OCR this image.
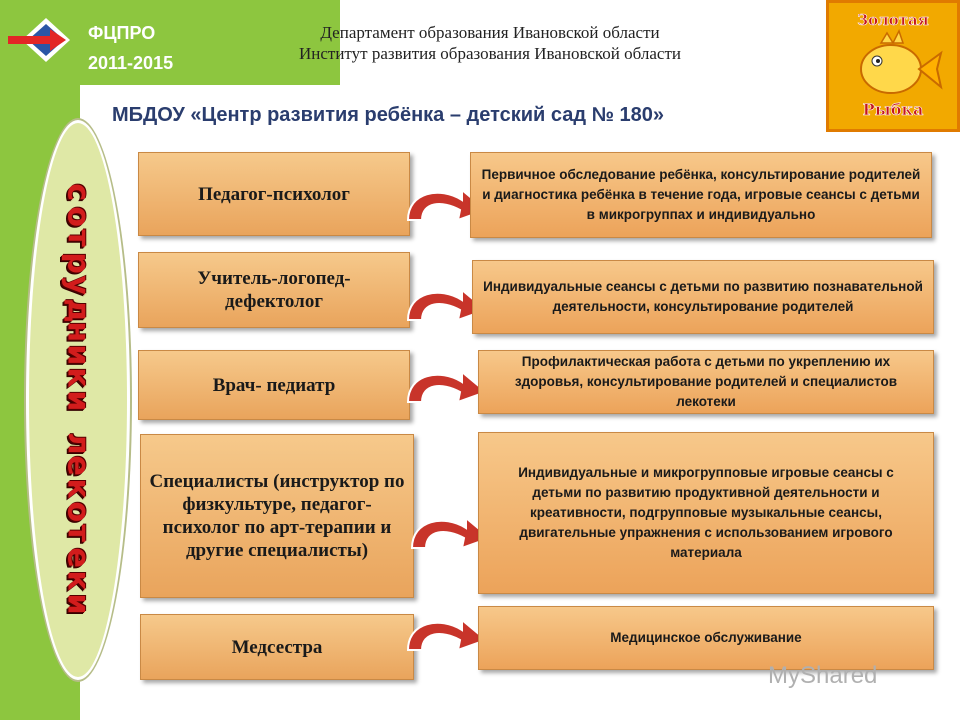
ФЦПРО
2011-2015
Департамент образования Ивановской области
Институт развития образования Ивановской области
МБДОУ «Центр развития ребёнка – детский сад № 180»
Золотая
Рыбка
с
о
т
р
у
д
н
и
к
и
л
е
к
о
т
е
к
и
Педагог-психолог
Учитель-логопед-дефектолог
Врач- педиатр
Специалисты (инструктор по физкультуре, педагог-психолог по арт-терапии и другие специалисты)
Медсестра
Первичное обследование ребёнка, консультирование родителей и диагностика ребёнка в течение года, игровые сеансы с детьми в микрогруппах и индивидуально
Индивидуальные сеансы с детьми по развитию познавательной деятельности, консультирование родителей
Профилактическая работа с детьми по укреплению их здоровья, консультирование родителей и специалистов лекотеки
Индивидуальные и микрогрупповые игровые сеансы с детьми по развитию продуктивной деятельности и креативности, подгрупповые музыкальные сеансы, двигательные упражнения с использованием игрового материала
Медицинское обслуживание
MyShared
